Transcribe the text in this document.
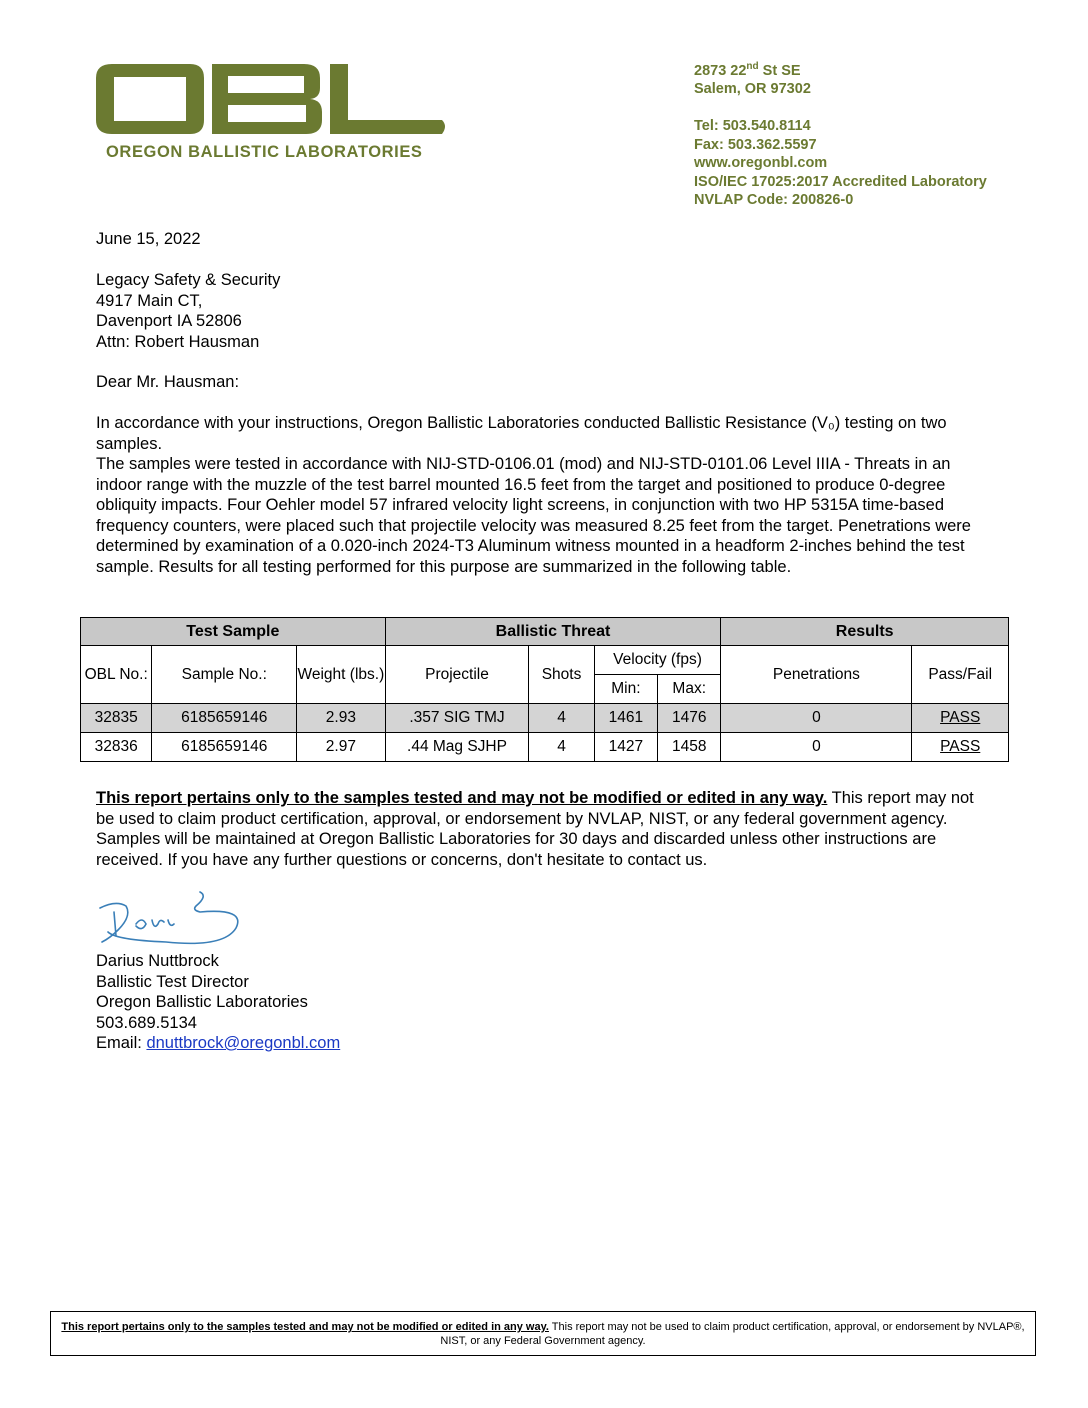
OREGON BALLISTIC LABORATORIES
2873 22nd St SE
Salem, OR 97302
Tel: 503.540.8114
Fax: 503.362.5597
www.oregonbl.com
ISO/IEC 17025:2017 Accredited Laboratory
NVLAP Code: 200826-0
June 15, 2022
Legacy Safety & Security
4917 Main CT,
Davenport IA 52806
Attn: Robert Hausman
Dear Mr. Hausman:
In accordance with your instructions, Oregon Ballistic Laboratories conducted Ballistic Resistance (V₀) testing on two samples.
The samples were tested in accordance with NIJ-STD-0106.01 (mod) and NIJ-STD-0101.06 Level IIIA - Threats in an indoor range with the muzzle of the test barrel mounted 16.5 feet from the target and positioned to produce 0-degree obliquity impacts. Four Oehler model 57 infrared velocity light screens, in conjunction with two HP 5315A time-based frequency counters, were placed such that projectile velocity was measured 8.25 feet from the target. Penetrations were determined by examination of a 0.020-inch 2024-T3 Aluminum witness mounted in a headform 2-inches behind the test sample. Results for all testing performed for this purpose are summarized in the following table.
Test Sample			Ballistic Threat				Results	
OBL No.:	Sample No.:	Weight (lbs.)	Projectile	Shots	Velocity (fps)		Penetrations	Pass/Fail
					Min:	Max:		
32835	6185659146	2.93	.357 SIG TMJ	4	1461	1476	0	PASS
32836	6185659146	2.97	.44 Mag SJHP	4	1427	1458	0	PASS
This report pertains only to the samples tested and may not be modified or edited in any way. This report may not be used to claim product certification, approval, or endorsement by NVLAP, NIST, or any federal government agency. Samples will be maintained at Oregon Ballistic Laboratories for 30 days and discarded unless other instructions are received. If you have any further questions or concerns, don't hesitate to contact us.
Darius Nuttbrock
Ballistic Test Director
Oregon Ballistic Laboratories
503.689.5134
Email: dnuttbrock@oregonbl.com
This report pertains only to the samples tested and may not be modified or edited in any way. This report may not be used to claim product certification, approval, or endorsement by NVLAP®, NIST, or any Federal Government agency.
